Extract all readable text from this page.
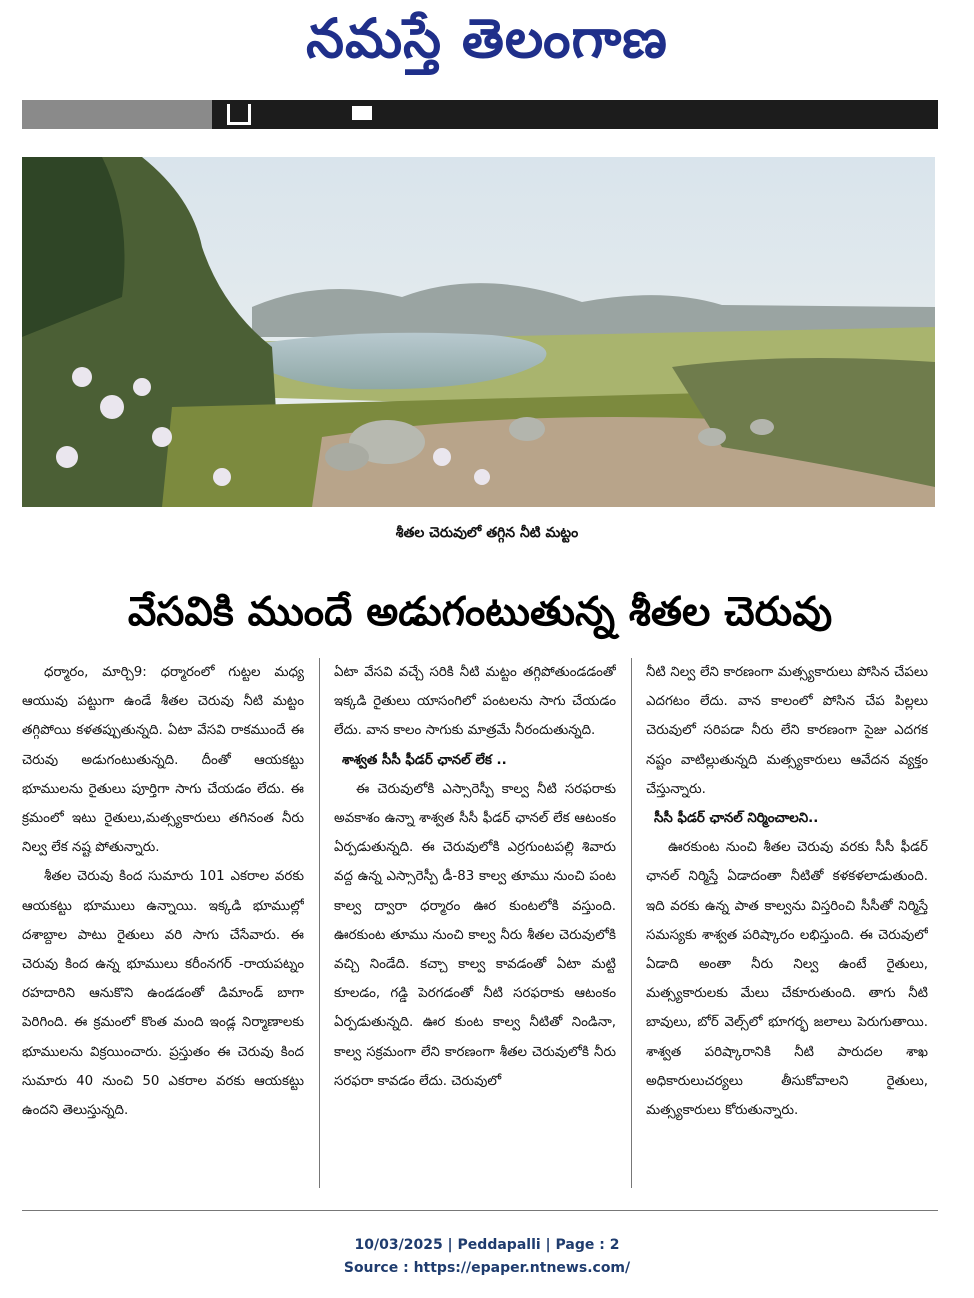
నమస్తే తెలంగాణ
శీతల చెరువులో తగ్గిన నీటి మట్టం
వేసవికి ముందే అడుగంటుతున్న శీతల చెరువు

ధర్మారం, మార్చి9: ధర్మారంలో గుట్టల మధ్య ఆయువు పట్టుగా ఉండే శీతల చెరువు నీటి మట్టం తగ్గిపోయి కళతప్పుతున్నది. ఏటా వేసవి రాకముందే ఈ చెరువు అడుగంటుతున్నది. దీంతో ఆయకట్టు భూములను రైతులు పూర్తిగా సాగు చేయడం లేదు. ఈ క్రమంలో ఇటు రైతులు,మత్స్యకారులు తగినంత నీరు నిల్వ లేక నష్ట పోతున్నారు.

శీతల చెరువు కింద సుమారు 101 ఎకరాల వరకు ఆయకట్టు భూములు ఉన్నాయి. ఇక్కడి భూముల్లో దశాబ్దాల పాటు రైతులు వరి సాగు చేసేవారు. ఈ చెరువు కింద ఉన్న భూములు కరీంనగర్ -రాయపట్నం రహదారిని ఆనుకొని ఉండడంతో డిమాండ్ బాగా పెరిగింది. ఈ క్రమంలో కొంత మంది ఇండ్ల నిర్మాణాలకు భూములను విక్రయించారు. ప్రస్తుతం ఈ చెరువు కింద సుమారు 40 నుంచి 50 ఎకరాల వరకు ఆయకట్టు ఉందని తెలుస్తున్నది.

ఏటా వేసవి వచ్చే సరికి నీటి మట్టం తగ్గిపోతుండడంతో ఇక్కడి రైతులు యాసంగిలో పంటలను సాగు చేయడం లేదు. వాన కాలం సాగుకు మాత్రమే నీరందుతున్నది.

శాశ్వత సీసీ ఫీడర్ ఛానల్ లేక ..

ఈ చెరువులోకి ఎస్సారెస్పీ కాల్వ నీటి సరఫరాకు అవకాశం ఉన్నా శాశ్వత సీసీ ఫీడర్ ఛానల్ లేక ఆటంకం ఏర్పడుతున్నది. ఈ చెరువులోకి ఎర్రగుంటపల్లి శివారు వద్ద ఉన్న ఎస్సారెస్పీ డీ-83 కాల్వ తూము నుంచి పంట కాల్వ ద్వారా ధర్మారం ఊర కుంటలోకి వస్తుంది. ఊరకుంట తూము నుంచి కాల్వ నీరు శీతల చెరువులోకి వచ్చి నిండేది. కచ్చా కాల్వ కావడంతో ఏటా మట్టి కూలడం, గడ్డి పెరగడంతో నీటి సరఫరాకు ఆటంకం ఏర్పడుతున్నది. ఊర కుంట కాల్వ నీటితో నిండినా, కాల్వ సక్రమంగా లేని కారణంగా శీతల చెరువులోకి నీరు సరఫరా కావడం లేదు. చెరువులో

నీటి నిల్వ లేని కారణంగా మత్స్యకారులు పోసిన చేపలు ఎదగటం లేదు. వాన కాలంలో పోసిన చేప పిల్లలు చెరువులో సరిపడా నీరు లేని కారణంగా సైజు ఎదగక నష్టం వాటిల్లుతున్నది మత్స్యకారులు ఆవేదన వ్యక్తం చేస్తున్నారు.

సీసీ ఫీడర్ ఛానల్ నిర్మించాలని..

ఊరకుంట నుంచి శీతల చెరువు వరకు సీసీ ఫీడర్ ఛానల్ నిర్మిస్తే ఏడాదంతా నీటితో కళకళలాడుతుంది. ఇది వరకు ఉన్న పాత కాల్వను విస్తరించి సీసీతో నిర్మిస్తే సమస్యకు శాశ్వత పరిష్కారం లభిస్తుంది. ఈ చెరువులో ఏడాది అంతా నీరు నిల్వ ఉంటే రైతులు, మత్స్యకారులకు మేలు చేకూరుతుంది. తాగు నీటి బావులు, బోర్ వెల్స్‌లో భూగర్భ జలాలు పెరుగుతాయి. శాశ్వత పరిష్కారానికి నీటి పారుదల శాఖ అధికారులుచర్యలు తీసుకోవాలని రైతులు, మత్స్యకారులు కోరుతున్నారు.

10/03/2025 | Peddapalli | Page : 2
Source : https://epaper.ntnews.com/
